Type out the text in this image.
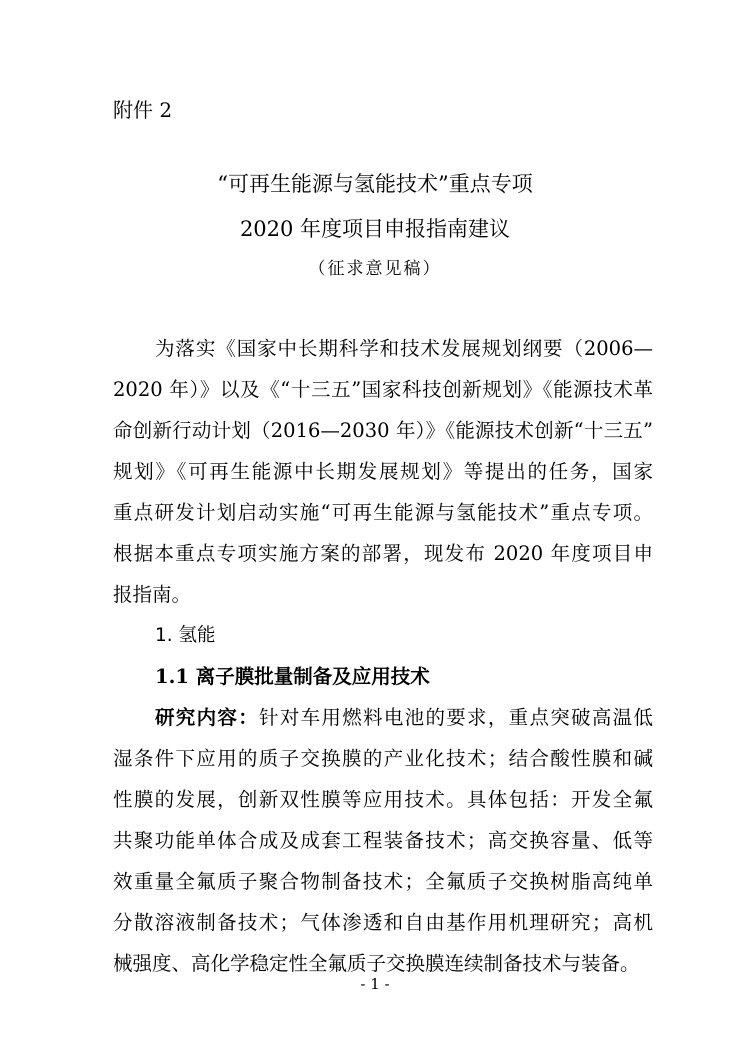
附件 2
“可再生能源与氢能技术”重点专项
2020 年度项目申报指南建议
（征求意见稿）
为落实《国家中长期科学和技术发展规划纲要（2006—
2020 年）》以及《“十三五”国家科技创新规划》《能源技术革
命创新行动计划（2016—2030 年）》《能源技术创新“十三五”
规划》《可再生能源中长期发展规划》等提出的任务，国家
重点研发计划启动实施“可再生能源与氢能技术”重点专项。
根据本重点专项实施方案的部署，现发布 2020 年度项目申
报指南。
1. 氢能
1.1 离子膜批量制备及应用技术
研究内容：针对车用燃料电池的要求，重点突破高温低
湿条件下应用的质子交换膜的产业化技术；结合酸性膜和碱
性膜的发展，创新双性膜等应用技术。具体包括：开发全氟
共聚功能单体合成及成套工程装备技术；高交换容量、低等
效重量全氟质子聚合物制备技术；全氟质子交换树脂高纯单
分散溶液制备技术；气体渗透和自由基作用机理研究；高机
械强度、高化学稳定性全氟质子交换膜连续制备技术与装备。
- 1 -
